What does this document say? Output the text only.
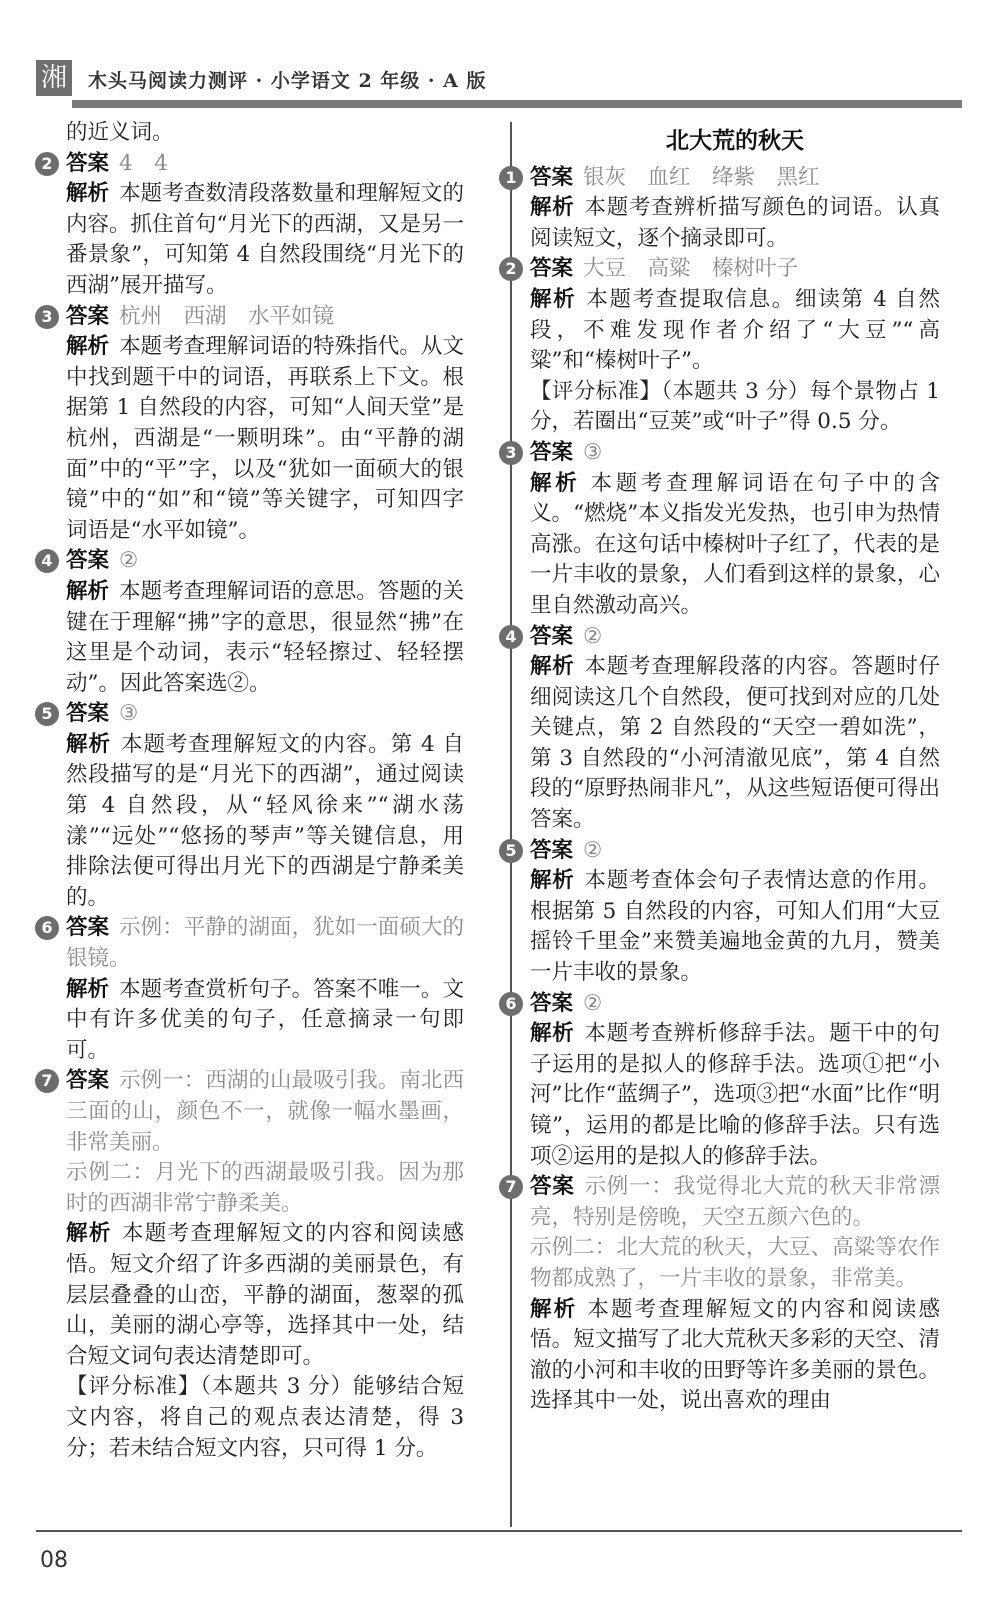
湘 木头马阅读力测评 · 小学语文 2 年级 · A 版

的近义词。

2 答案 4　4

解析 本题考查数清段落数量和理解短文的内容。抓住首句“月光下的西湖，又是另一番景象”，可知第 4 自然段围绕“月光下的西湖”展开描写。

3 答案 杭州　西湖　水平如镜

解析 本题考查理解词语的特殊指代。从文中找到题干中的词语，再联系上下文。根据第 1 自然段的内容，可知“人间天堂”是杭州，西湖是“一颗明珠”。由“平静的湖面”中的“平”字，以及“犹如一面硕大的银镜”中的“如”和“镜”等关键字，可知四字词语是“水平如镜”。

4 答案 ②

解析 本题考查理解词语的意思。答题的关键在于理解“拂”字的意思，很显然“拂”在这里是个动词，表示“轻轻擦过、轻轻摆动”。因此答案选②。

5 答案 ③

解析 本题考查理解短文的内容。第 4 自然段描写的是“月光下的西湖”，通过阅读第 4 自然段，从“轻风徐来”“湖水荡漾”“远处”“悠扬的琴声”等关键信息，用排除法便可得出月光下的西湖是宁静柔美的。

6 答案 示例：平静的湖面，犹如一面硕大的银镜。

解析 本题考查赏析句子。答案不唯一。文中有许多优美的句子，任意摘录一句即可。

7 答案 示例一：西湖的山最吸引我。南北西三面的山，颜色不一，就像一幅水墨画，非常美丽。

示例二：月光下的西湖最吸引我。因为那时的西湖非常宁静柔美。

解析 本题考查理解短文的内容和阅读感悟。短文介绍了许多西湖的美丽景色，有层层叠叠的山峦，平静的湖面，葱翠的孤山，美丽的湖心亭等，选择其中一处，结合短文词句表达清楚即可。

【评分标准】（本题共 3 分）能够结合短文内容，将自己的观点表达清楚，得 3 分；若未结合短文内容，只可得 1 分。

北大荒的秋天
1 答案 银灰　血红　绛紫　黑红

解析 本题考查辨析描写颜色的词语。认真阅读短文，逐个摘录即可。

2 答案 大豆　高粱　榛树叶子

解析 本题考查提取信息。细读第 4 自然段，不难发现作者介绍了“大豆”“高粱”和“榛树叶子”。

【评分标准】（本题共 3 分）每个景物占 1 分，若圈出“豆荚”或“叶子”得 0.5 分。

3 答案 ③

解析 本题考查理解词语在句子中的含义。“燃烧”本义指发光发热，也引申为热情高涨。在这句话中榛树叶子红了，代表的是一片丰收的景象，人们看到这样的景象，心里自然激动高兴。

4 答案 ②

解析 本题考查理解段落的内容。答题时仔细阅读这几个自然段，便可找到对应的几处关键点，第 2 自然段的“天空一碧如洗”，第 3 自然段的“小河清澈见底”，第 4 自然段的“原野热闹非凡”，从这些短语便可得出答案。

5 答案 ②

解析 本题考查体会句子表情达意的作用。根据第 5 自然段的内容，可知人们用“大豆摇铃千里金”来赞美遍地金黄的九月，赞美一片丰收的景象。

6 答案 ②

解析 本题考查辨析修辞手法。题干中的句子运用的是拟人的修辞手法。选项①把“小河”比作“蓝绸子”，选项③把“水面”比作“明镜”，运用的都是比喻的修辞手法。只有选项②运用的是拟人的修辞手法。

7 答案 示例一：我觉得北大荒的秋天非常漂亮，特别是傍晚，天空五颜六色的。

示例二：北大荒的秋天，大豆、高粱等农作物都成熟了，一片丰收的景象，非常美。

解析 本题考查理解短文的内容和阅读感悟。短文描写了北大荒秋天多彩的天空、清澈的小河和丰收的田野等许多美丽的景色。选择其中一处，说出喜欢的理由

08
